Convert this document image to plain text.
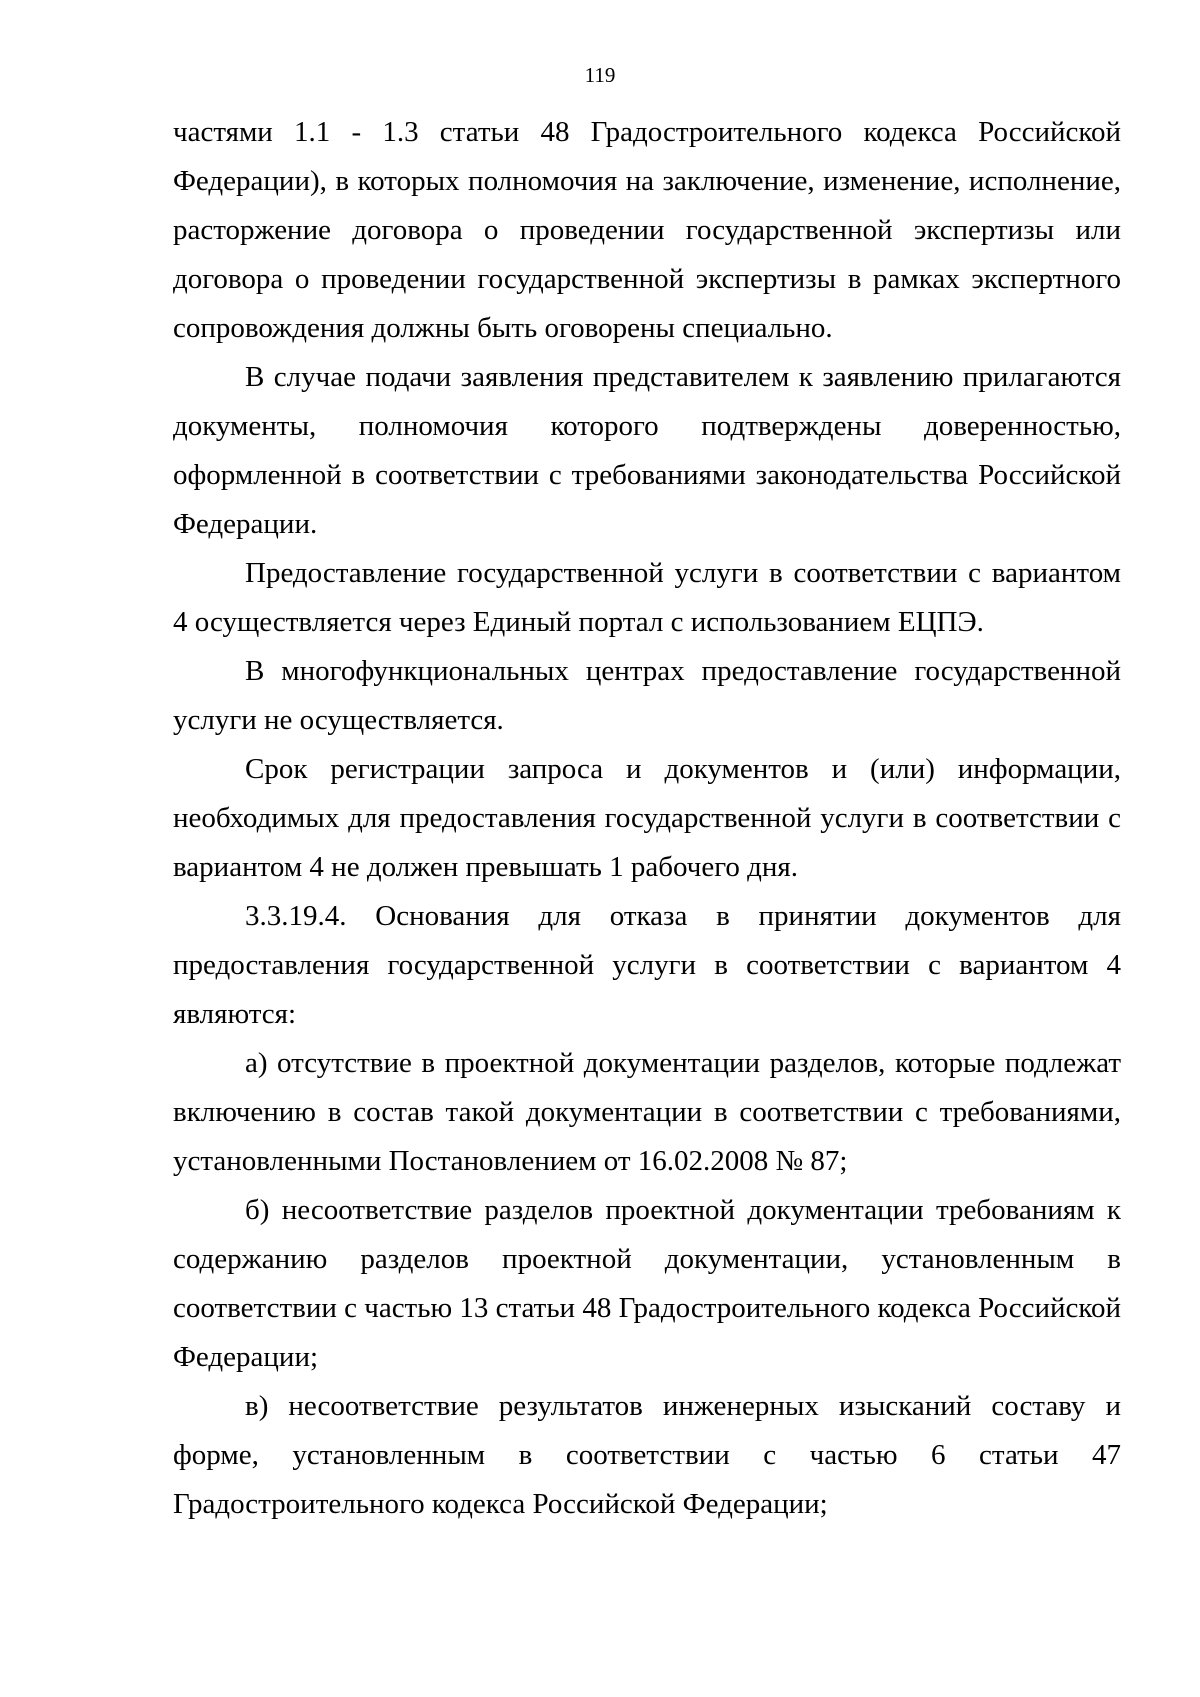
119

частями 1.1 - 1.3 статьи 48 Градостроительного кодекса Российской Федерации), в которых полномочия на заключение, изменение, исполнение, расторжение договора о проведении государственной экспертизы или договора о проведении государственной экспертизы в рамках экспертного сопровождения должны быть оговорены специально.

В случае подачи заявления представителем к заявлению прилагаются документы, полномочия которого подтверждены доверенностью, оформленной в соответствии с требованиями законодательства Российской Федерации.

Предоставление государственной услуги в соответствии с вариантом 4 осуществляется через Единый портал с использованием ЕЦПЭ.

В многофункциональных центрах предоставление государственной услуги не осуществляется.

Срок регистрации запроса и документов и (или) информации, необходимых для предоставления государственной услуги в соответствии с вариантом 4 не должен превышать 1 рабочего дня.

3.3.19.4. Основания для отказа в принятии документов для предоставления государственной услуги в соответствии с вариантом 4 являются:

а) отсутствие в проектной документации разделов, которые подлежат включению в состав такой документации в соответствии с требованиями, установленными Постановлением от 16.02.2008 № 87;

б) несоответствие разделов проектной документации требованиям к содержанию разделов проектной документации, установленным в соответствии с частью 13 статьи 48 Градостроительного кодекса Российской Федерации;

в) несоответствие результатов инженерных изысканий составу и форме, установленным в соответствии с частью 6 статьи 47 Градостроительного кодекса Российской Федерации;
